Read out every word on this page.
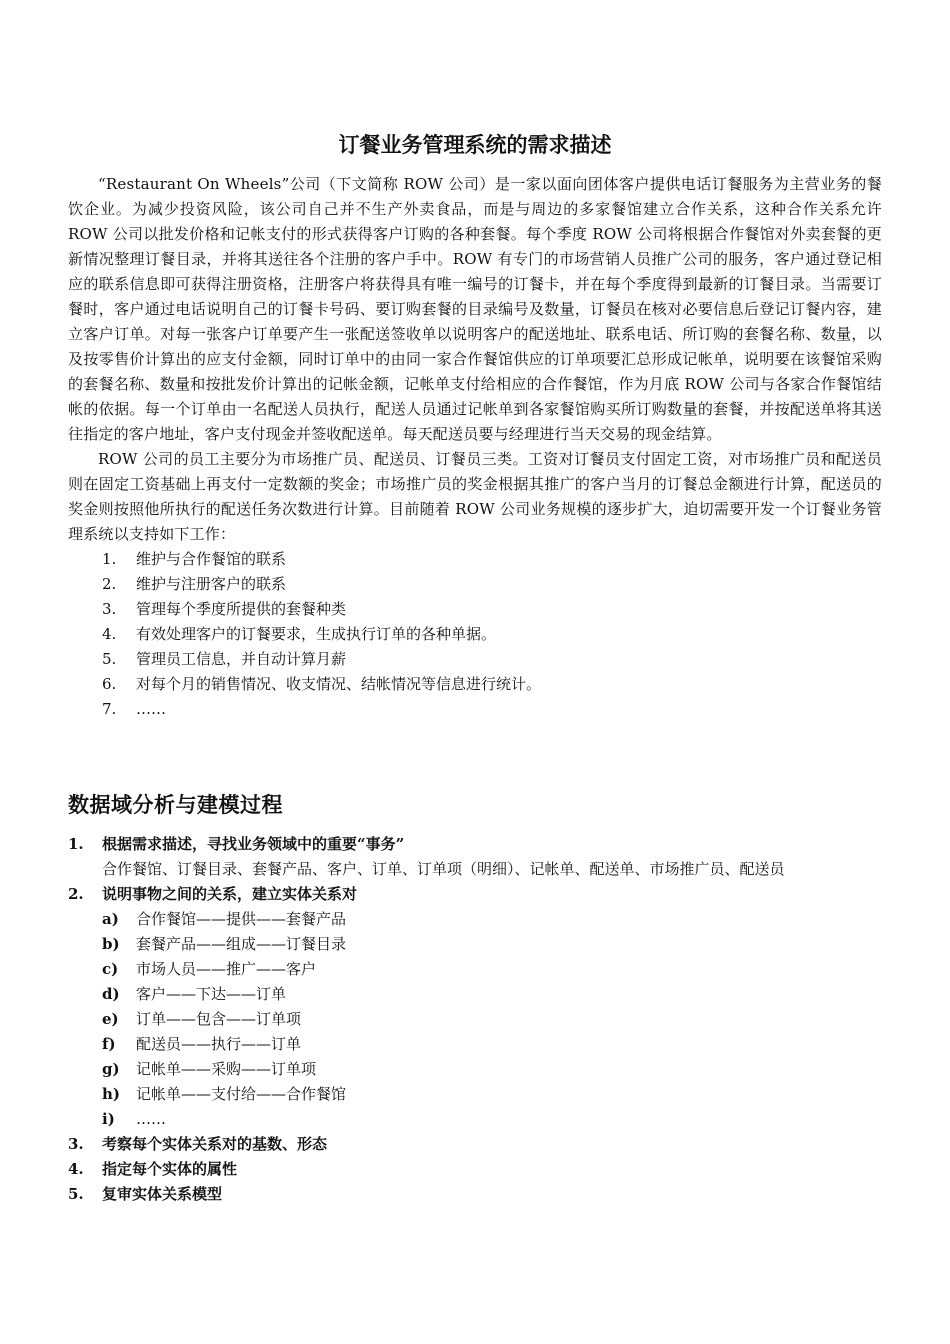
订餐业务管理系统的需求描述

“Restaurant On Wheels”公司（下文简称 ROW 公司）是一家以面向团体客户提供电话订餐服务为主营业务的餐饮企业。为减少投资风险，该公司自己并不生产外卖食品，而是与周边的多家餐馆建立合作关系，这种合作关系允许 ROW 公司以批发价格和记帐支付的形式获得客户订购的各种套餐。每个季度 ROW 公司将根据合作餐馆对外卖套餐的更新情况整理订餐目录，并将其送往各个注册的客户手中。ROW 有专门的市场营销人员推广公司的服务，客户通过登记相应的联系信息即可获得注册资格，注册客户将获得具有唯一编号的订餐卡，并在每个季度得到最新的订餐目录。当需要订餐时，客户通过电话说明自己的订餐卡号码、要订购套餐的目录编号及数量，订餐员在核对必要信息后登记订餐内容，建立客户订单。对每一张客户订单要产生一张配送签收单以说明客户的配送地址、联系电话、所订购的套餐名称、数量，以及按零售价计算出的应支付金额，同时订单中的由同一家合作餐馆供应的订单项要汇总形成记帐单，说明要在该餐馆采购的套餐名称、数量和按批发价计算出的记帐金额，记帐单支付给相应的合作餐馆，作为月底 ROW 公司与各家合作餐馆结帐的依据。每一个订单由一名配送人员执行，配送人员通过记帐单到各家餐馆购买所订购数量的套餐，并按配送单将其送往指定的客户地址，客户支付现金并签收配送单。每天配送员要与经理进行当天交易的现金结算。

ROW 公司的员工主要分为市场推广员、配送员、订餐员三类。工资对订餐员支付固定工资，对市场推广员和配送员则在固定工资基础上再支付一定数额的奖金；市场推广员的奖金根据其推广的客户当月的订餐总金额进行计算，配送员的奖金则按照他所执行的配送任务次数进行计算。目前随着 ROW 公司业务规模的逐步扩大，迫切需要开发一个订餐业务管理系统以支持如下工作：

1.	维护与合作餐馆的联系
2.	维护与注册客户的联系
3.	管理每个季度所提供的套餐种类
4.	有效处理客户的订餐要求，生成执行订单的各种单据。
5.	管理员工信息，并自动计算月薪
6.	对每个月的销售情况、收支情况、结帐情况等信息进行统计。
7.	……
数据域分析与建模过程
1.	根据需求描述，寻找业务领域中的重要“事务”
合作餐馆、订餐目录、套餐产品、客户、订单、订单项（明细）、记帐单、配送单、市场推广员、配送员
2.	说明事物之间的关系，建立实体关系对
a)	合作餐馆——提供——套餐产品
b)	套餐产品——组成——订餐目录
c)	市场人员——推广——客户
d)	客户——下达——订单
e)	订单——包含——订单项
f)	配送员——执行——订单
g)	记帐单——采购——订单项
h)	记帐单——支付给——合作餐馆
i)	……
3.	考察每个实体关系对的基数、形态
4.	指定每个实体的属性
5.	复审实体关系模型
